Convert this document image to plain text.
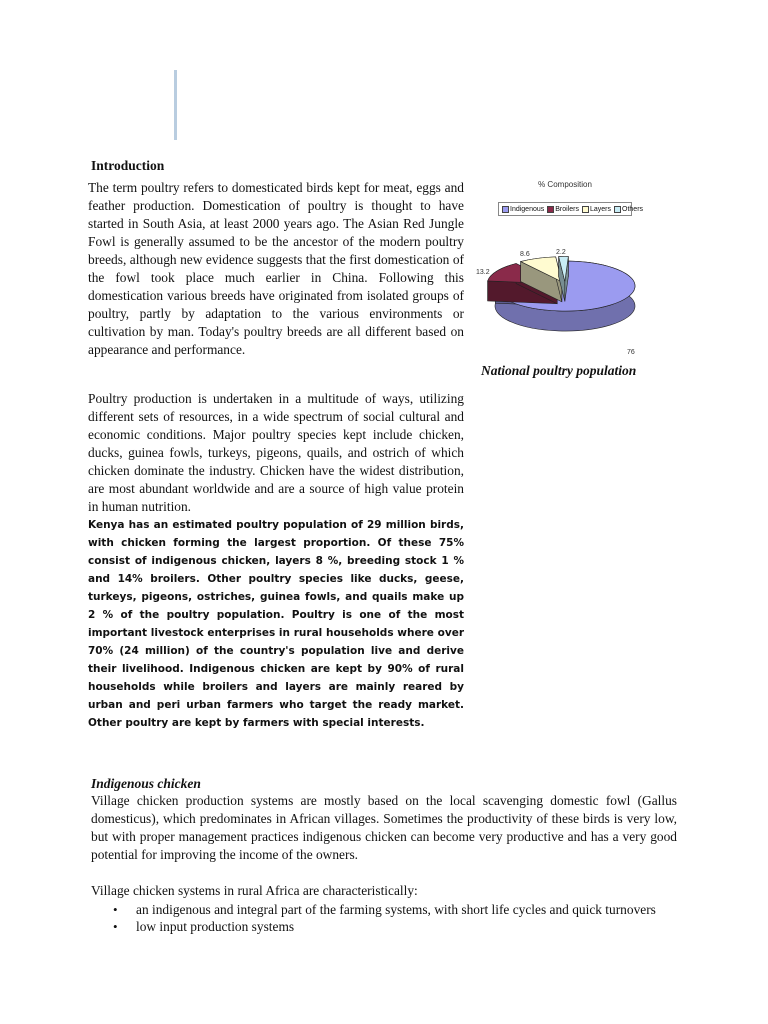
Introduction

The term poultry refers to domesticated birds kept for meat, eggs and feather production. Domestication of poultry is thought to have started in South Asia, at least 2000 years ago. The Asian Red Jungle Fowl is generally assumed to be the ancestor of the modern poultry breeds, although new evidence suggests that the first domestication of the fowl took place much earlier in China. Following this domestication various breeds have originated from isolated groups of poultry, partly by adaptation to the various environments or cultivation by man. Today's poultry breeds are all different based on appearance and performance.

Poultry production is undertaken in a multitude of ways, utilizing different sets of resources, in a wide spectrum of social cultural and economic conditions. Major poultry species kept include chicken, ducks, guinea fowls, turkeys, pigeons, quails, and ostrich of which chicken dominate the industry. Chicken have the widest distribution, are most abundant worldwide and are a source of high value protein in human nutrition.

Kenya has an estimated poultry population of 29 million birds, with chicken forming the largest proportion. Of these 75% consist of indigenous chicken, layers 8 %, breeding stock 1 % and 14% broilers. Other poultry species like ducks, geese, turkeys, pigeons, ostriches, guinea fowls, and quails make up 2 % of the poultry population. Poultry is one of the most important livestock enterprises in rural households where over 70% (24 million) of the country's population live and derive their livelihood. Indigenous chicken are kept by 90% of rural households while broilers and layers are mainly reared by urban and peri urban farmers who target the ready market. Other poultry are kept by farmers with special interests.

% Composition
Indigenous Broilers Layers Others
76
13.2
8.6	2.2
National poultry population
Indigenous chicken

Village chicken production systems are mostly based on the local scavenging domestic fowl (Gallus domesticus), which predominates in African villages. Sometimes the productivity of these birds is very low, but with proper management practices indigenous chicken can become very productive and has a very good potential for improving the income of the owners.

Village chicken systems in rural Africa are characteristically:

• an indigenous and integral part of the farming systems, with short life cycles and quick turnovers
• low input production systems
